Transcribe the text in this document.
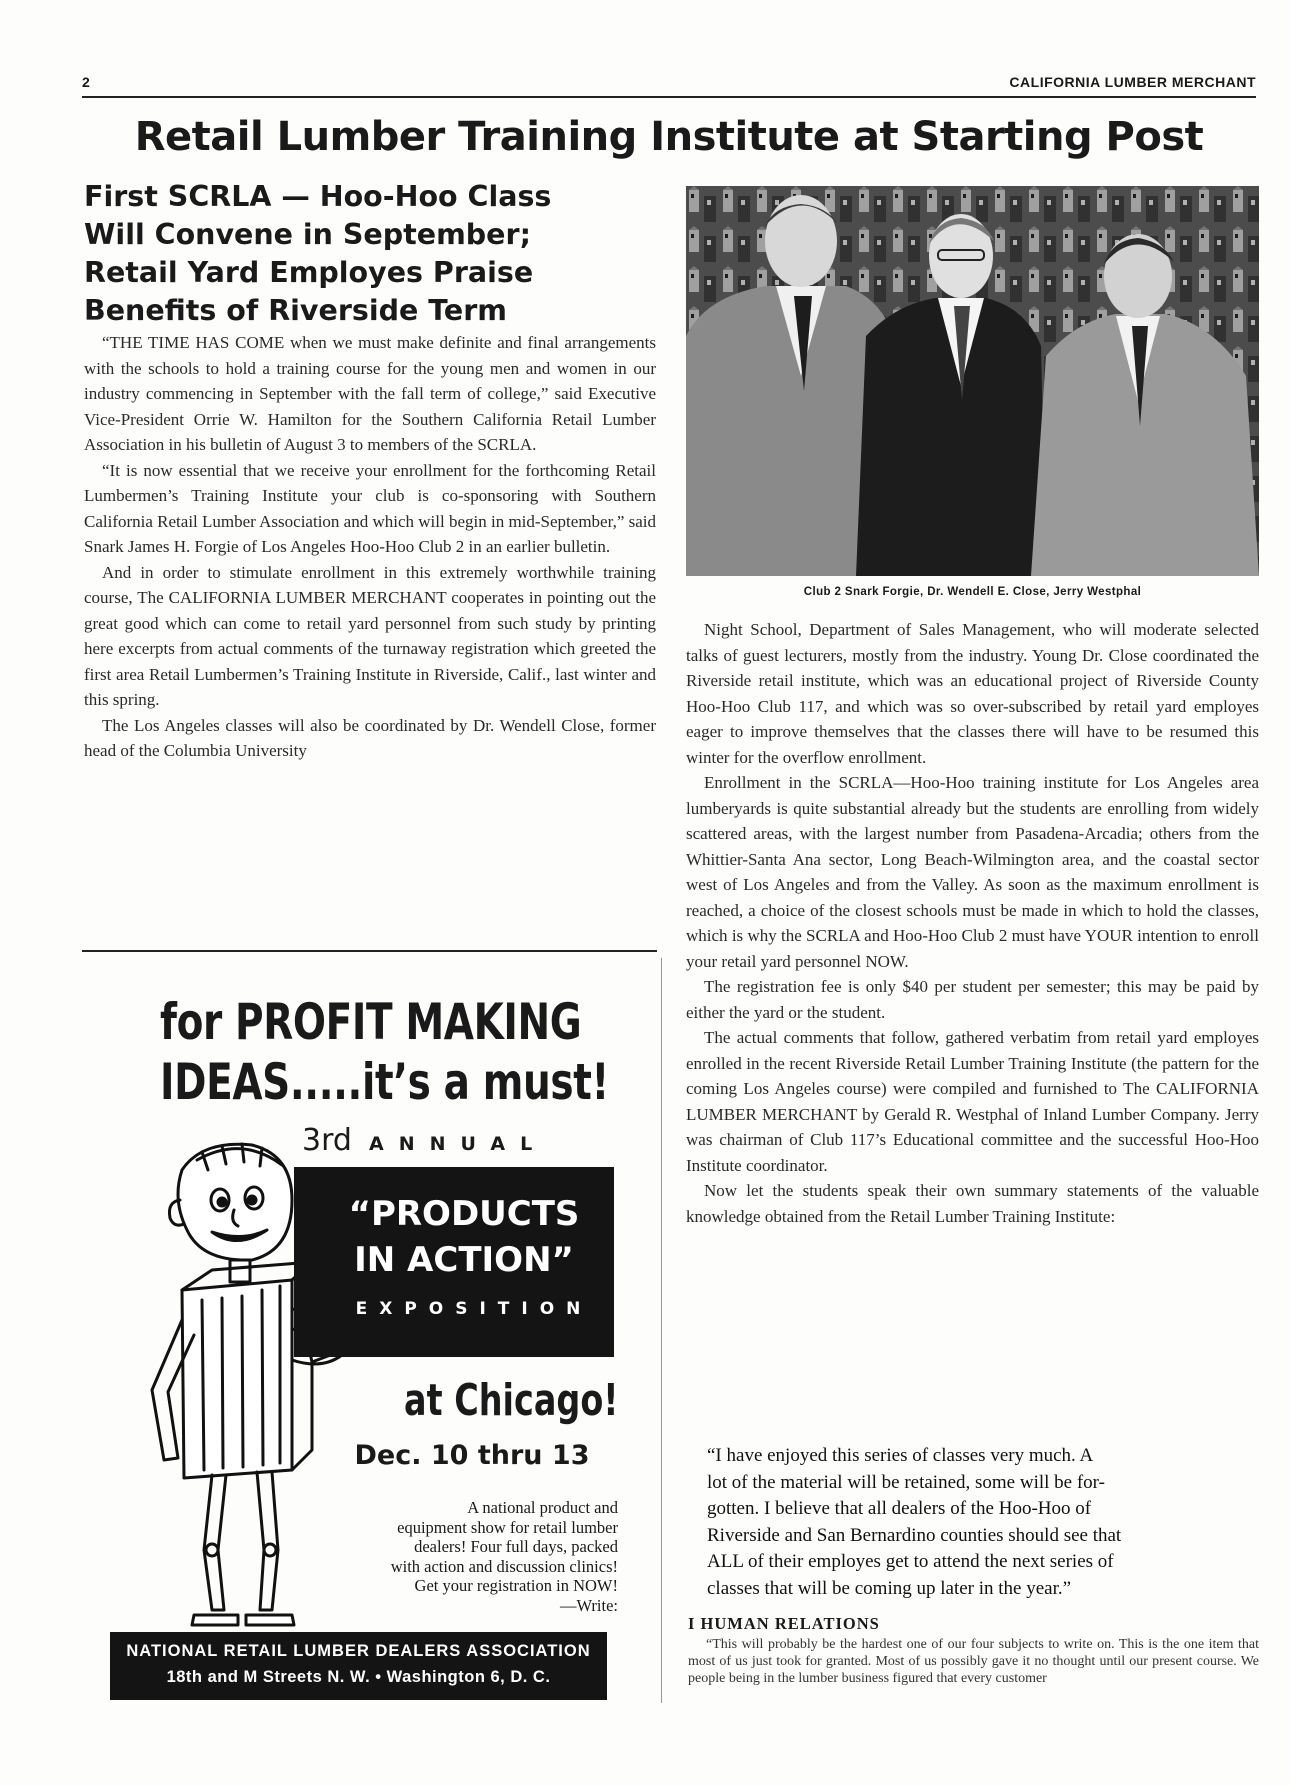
2	CALIFORNIA LUMBER MERCHANT
Retail Lumber Training Institute at Starting Post
First SCRLA — Hoo-Hoo Class
Will Convene in September;
Retail Yard Employes Praise
Benefits of Riverside Term

“THE TIME HAS COME when we must make definite and final arrangements with the schools to hold a training course for the young men and women in our industry commencing in September with the fall term of college,” said Executive Vice-President Orrie W. Hamilton for the Southern California Retail Lumber Association in his bulletin of August 3 to members of the SCRLA.

“It is now essential that we receive your enrollment for the forthcoming Retail Lumbermen’s Training Institute your club is co-sponsoring with Southern California Retail Lumber Association and which will begin in mid-September,” said Snark James H. Forgie of Los Angeles Hoo-Hoo Club 2 in an earlier bulletin.

And in order to stimulate enrollment in this extremely worthwhile training course, The CALIFORNIA LUMBER MERCHANT cooperates in pointing out the great good which can come to retail yard personnel from such study by printing here excerpts from actual comments of the turnaway registration which greeted the first area Retail Lumbermen’s Training Institute in Riverside, Calif., last winter and this spring.

The Los Angeles classes will also be coordinated by Dr. Wendell Close, former head of the Columbia University

Club 2 Snark Forgie, Dr. Wendell E. Close, Jerry Westphal

Night School, Department of Sales Management, who will moderate selected talks of guest lecturers, mostly from the industry. Young Dr. Close coordinated the Riverside retail institute, which was an educational project of Riverside County Hoo-Hoo Club 117, and which was so over-subscribed by retail yard employes eager to improve themselves that the classes there will have to be resumed this winter for the overflow enrollment.

Enrollment in the SCRLA—Hoo-Hoo training institute for Los Angeles area lumberyards is quite substantial already but the students are enrolling from widely scattered areas, with the largest number from Pasadena-Arcadia; others from the Whittier-Santa Ana sector, Long Beach-Wilmington area, and the coastal sector west of Los Angeles and from the Valley. As soon as the maximum enrollment is reached, a choice of the closest schools must be made in which to hold the classes, which is why the SCRLA and Hoo-Hoo Club 2 must have YOUR intention to enroll your retail yard personnel NOW.

The registration fee is only $40 per student per semester; this may be paid by either the yard or the student.

The actual comments that follow, gathered verbatim from retail yard employes enrolled in the recent Riverside Retail Lumber Training Institute (the pattern for the coming Los Angeles course) were compiled and furnished to The CALIFORNIA LUMBER MERCHANT by Gerald R. Westphal of Inland Lumber Company. Jerry was chairman of Club 117’s Educational committee and the successful Hoo-Hoo Institute coordinator.

Now let the students speak their own summary statements of the valuable knowledge obtained from the Retail Lumber Training Institute:

“I have enjoyed this series of classes very much. A
lot of the material will be retained, some will be for-
gotten. I believe that all dealers of the Hoo-Hoo of
Riverside and San Bernardino counties should see that
ALL of their employes get to attend the next series of
classes that will be coming up later in the year.”
I HUMAN RELATIONS

“This will probably be the hardest one of our four subjects to write on. This is the one item that most of us just took for granted. Most of us possibly gave it no thought until our present course. We people being in the lumber business figured that every customer

for PROFIT MAKING
IDEAS.....it’s a must!
3rd ANNUAL
“PRODUCTS
IN ACTION”
EXPOSITION
at Chicago!
Dec. 10 thru 13
A national product and
equipment show for retail lumber
dealers! Four full days, packed
with action and discussion clinics!
Get your registration in NOW!
—Write:
NATIONAL RETAIL LUMBER DEALERS ASSOCIATION
18th and M Streets N. W. • Washington 6, D. C.
